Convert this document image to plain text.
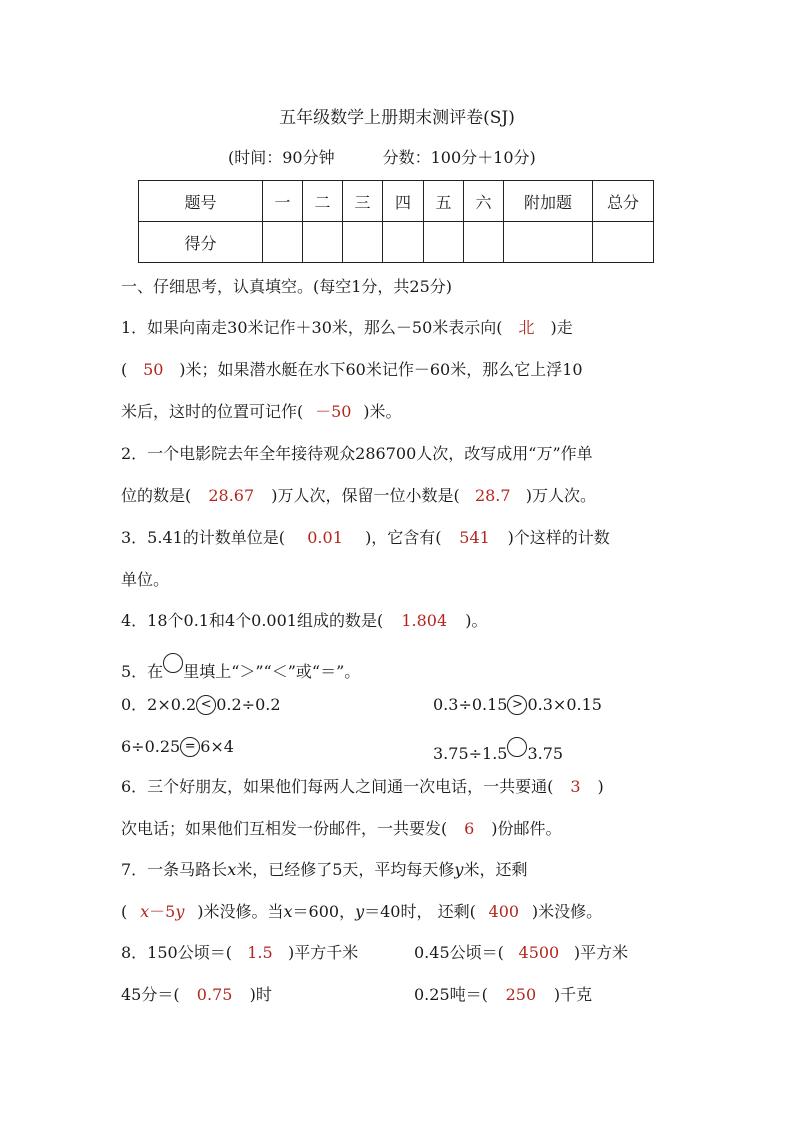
五年级数学上册期末测评卷(SJ)
(时间：90分钟	分数：100分＋10分)
题号	一	二	三	四	五	六	附加题	总分
得分								
一、仔细思考，认真填空。(每空1分，共25分)
1．如果向南走30米记作＋30米，那么－50米表示向( 北 )走
( 50 )米；如果潜水艇在水下60米记作－60米，那么它上浮10
米后，这时的位置可记作( －50 )米。
2．一个电影院去年全年接待观众286700人次，改写成用“万”作单
位的数是( 28.67 )万人次，保留一位小数是( 28.7 )万人次。
3．5.41的计数单位是( 0.01 )，它含有( 541 )个这样的计数
单位。
4．18个0.1和4个0.001组成的数是( 1.804 )。
5．在 里填上“＞”“＜”或“＝”。
0．2×0.2 < 0.2÷0.2	0.3÷0.15 > 0.3×0.15
6÷0.25 = 6×4	3.75÷1.5 3.75
6．三个好朋友，如果他们每两人之间通一次电话，一共要通( 3 )
次电话；如果他们互相发一份邮件，一共要发( 6 )份邮件。
7．一条马路长x米，已经修了5天，平均每天修y米，还剩
( x－5y )米没修。当x＝600，y＝40时， 还剩( 400 )米没修。
8．150公顷＝( 1.5 )平方千米	0.45公顷＝( 4500 )平方米
45分＝( 0.75 )时	0.25吨＝( 250 )千克
